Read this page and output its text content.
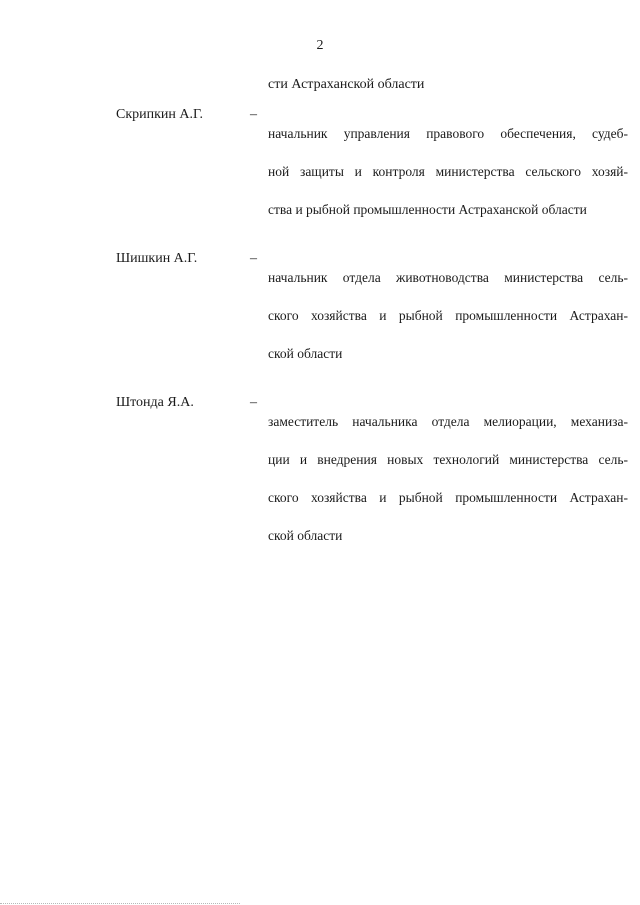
2
сти Астраханской области
Скрипкин А.Г.	–

начальник управления правового обеспечения, судеб-

ной защиты и контроля министерства сельского хозяй-

ства и рыбной промышленности Астраханской области

Шишкин А.Г.	–

начальник отдела животноводства министерства сель-

ского хозяйства и рыбной промышленности Астрахан-

ской области

Штонда Я.А.	–

заместитель начальника отдела мелиорации, механиза-

ции и внедрения новых технологий министерства сель-

ского хозяйства и рыбной промышленности Астрахан-

ской области
